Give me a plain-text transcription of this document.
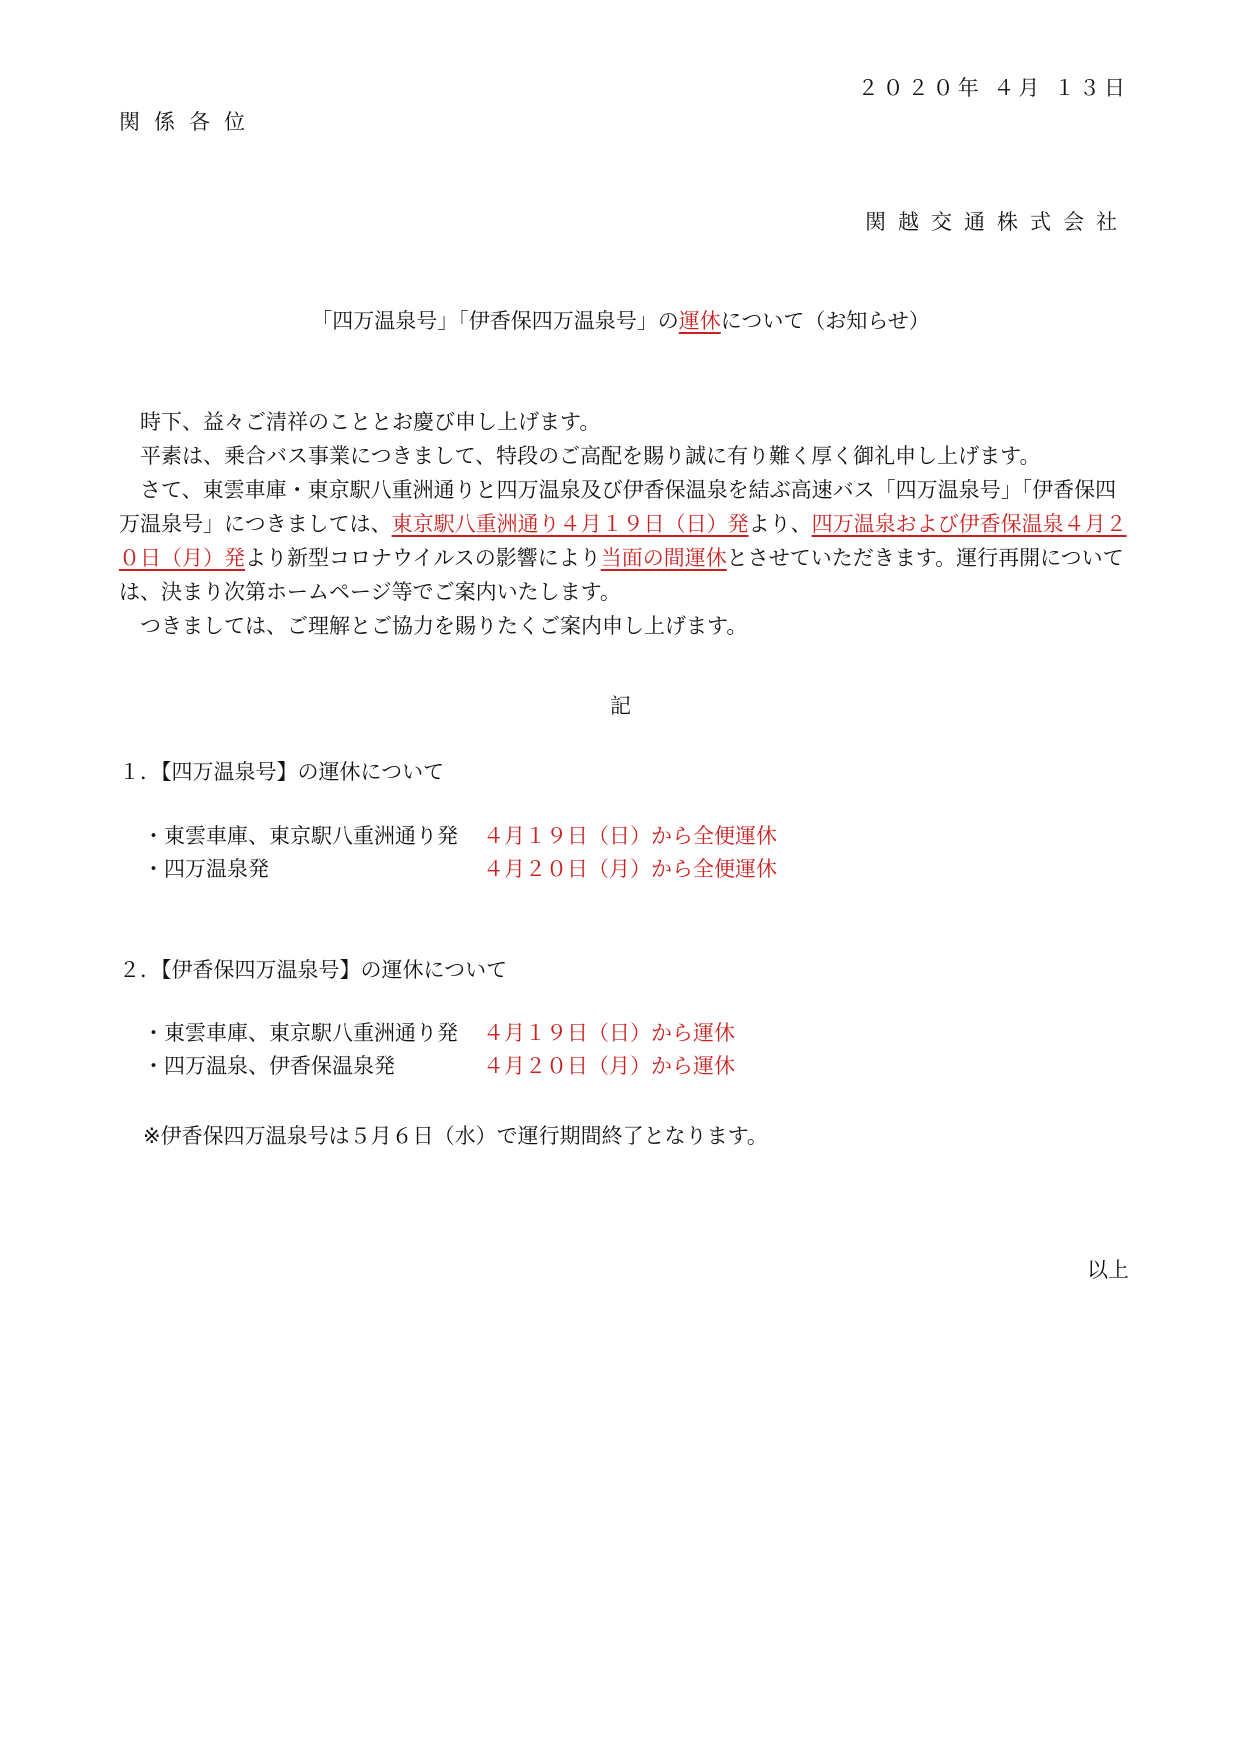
２０２０年 ４月 １３日
関係各位
関越交通株式会社
「四万温泉号」「伊香保四万温泉号」の運休について（お知らせ）

時下、益々ご清祥のこととお慶び申し上げます。

平素は、乗合バス事業につきまして、特段のご高配を賜り誠に有り難く厚く御礼申し上げます。

さて、東雲車庫・東京駅八重洲通りと四万温泉及び伊香保温泉を結ぶ高速バス「四万温泉号」「伊香保四万温泉号」につきましては、東京駅八重洲通り４月１９日（日）発より、四万温泉および伊香保温泉４月２０日（月）発より新型コロナウイルスの影響により当面の間運休とさせていただきます。運行再開については、決まり次第ホームページ等でご案内いたします。

つきましては、ご理解とご協力を賜りたくご案内申し上げます。

記
１．【四万温泉号】の運休について
・東雲車庫、東京駅八重洲通り発 ４月１９日（日）から全便運休
・四万温泉発	４月２０日（月）から全便運休
２．【伊香保四万温泉号】の運休について
・東雲車庫、東京駅八重洲通り発 ４月１９日（日）から運休
・四万温泉、伊香保温泉発	４月２０日（月）から運休
※伊香保四万温泉号は５月６日（水）で運行期間終了となります。
以上
